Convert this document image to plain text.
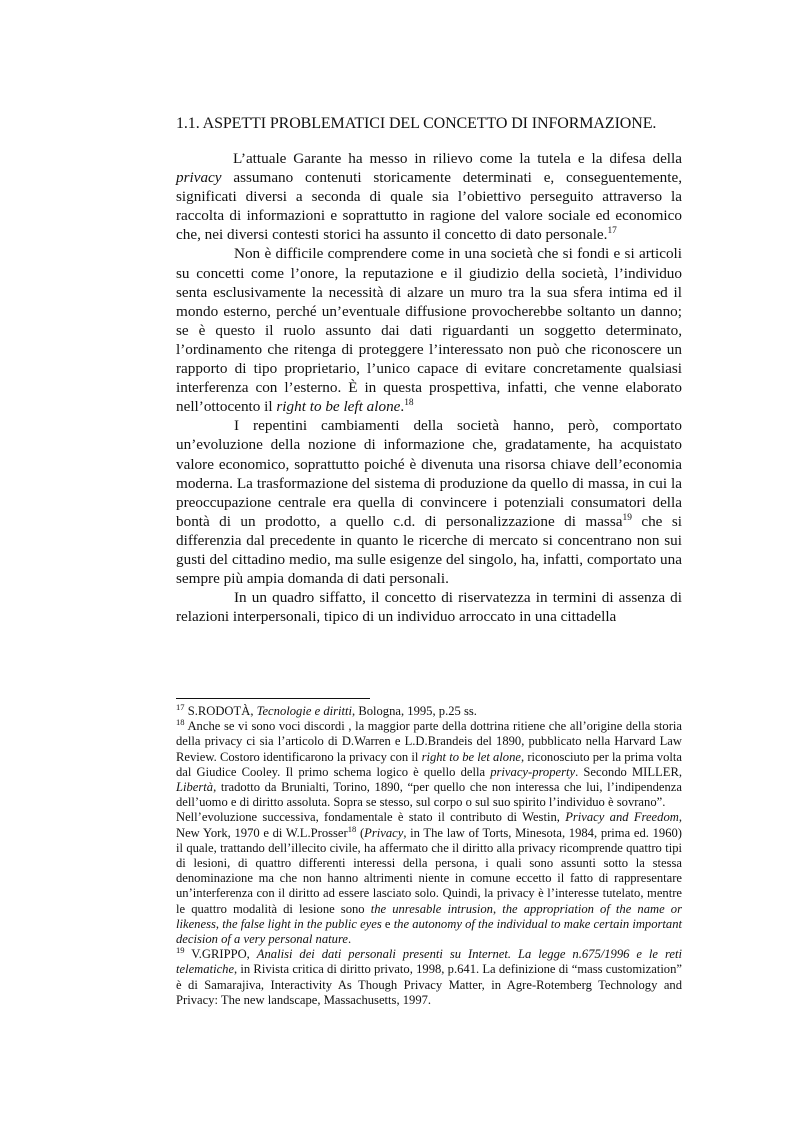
1.1. ASPETTI PROBLEMATICI DEL CONCETTO DI INFORMAZIONE.

L’attuale Garante ha messo in rilievo come la tutela e la difesa della privacy assumano contenuti storicamente determinati e, conseguentemente, significati diversi a seconda di quale sia l’obiettivo perseguito attraverso la raccolta di informazioni e soprattutto in ragione del valore sociale ed economico che, nei diversi contesti storici ha assunto il concetto di dato personale.$^{17}$

Non è difficile comprendere come in una società che si fondi e si articoli su concetti come l’onore, la reputazione e il giudizio della società, l’individuo senta esclusivamente la necessità di alzare un muro tra la sua sfera intima ed il mondo esterno, perché un’eventuale diffusione provocherebbe soltanto un danno; se è questo il ruolo assunto dai dati riguardanti un soggetto determinato, l’ordinamento che ritenga di proteggere l’interessato non può che riconoscere un rapporto di tipo proprietario, l’unico capace di evitare concretamente qualsiasi interferenza con l’esterno. È in questa prospettiva, infatti, che venne elaborato nell’ottocento il right to be left alone.$^{18}$

I repentini cambiamenti della società hanno, però, comportato un’evoluzione della nozione di informazione che, gradatamente, ha acquistato valore economico, soprattutto poiché è divenuta una risorsa chiave dell’economia moderna. La trasformazione del sistema di produzione da quello di massa, in cui la preoccupazione centrale era quella di convincere i potenziali consumatori della bontà di un prodotto, a quello c.d. di personalizzazione di massa$^{19}$ che si differenzia dal precedente in quanto le ricerche di mercato si concentrano non sui gusti del cittadino medio, ma sulle esigenze del singolo, ha, infatti, comportato una sempre più ampia domanda di dati personali.

In un quadro siffatto, il concetto di riservatezza in termini di assenza di relazioni interpersonali, tipico di un individuo arroccato in una cittadella

$^{17}$ S.RODOTÀ, Tecnologie e diritti, Bologna, 1995, p.25 ss.

$^{18}$ Anche se vi sono voci discordi , la maggior parte della dottrina ritiene che all’origine della storia della privacy ci sia l’articolo di D.Warren e L.D.Brandeis del 1890, pubblicato nella Harvard Law Review. Costoro identificarono la privacy con il right to be let alone, riconosciuto per la prima volta dal Giudice Cooley. Il primo schema logico è quello della privacy-property. Secondo MILLER, Libertà, tradotto da Brunialti, Torino, 1890, “per quello che non interessa che lui, l’indipendenza dell’uomo e di diritto assoluta. Sopra se stesso, sul corpo o sul suo spirito l’individuo è sovrano”.

Nell’evoluzione successiva, fondamentale è stato il contributo di Westin, Privacy and Freedom, New York, 1970 e di W.L.Prosser$^{18}$ (Privacy, in The law of Torts, Minesota, 1984, prima ed. 1960) il quale, trattando dell’illecito civile, ha affermato che il diritto alla privacy ricomprende quattro tipi di lesioni, di quattro differenti interessi della persona, i quali sono assunti sotto la stessa denominazione ma che non hanno altrimenti niente in comune eccetto il fatto di rappresentare un’interferenza con il diritto ad essere lasciato solo. Quindi, la privacy è l’interesse tutelato, mentre le quattro modalità di lesione sono the unresable intrusion, the appropriation of the name or likeness, the false light in the public eyes e the autonomy of the individual to make certain important decision of a very personal nature.

$^{19}$ V.GRIPPO, Analisi dei dati personali presenti su Internet. La legge n.675/1996 e le reti telematiche, in Rivista critica di diritto privato, 1998, p.641. La definizione di “mass customization” è di Samarajiva, Interactivity As Though Privacy Matter, in Agre-Rotemberg Technology and Privacy: The new landscape, Massachusetts, 1997.
